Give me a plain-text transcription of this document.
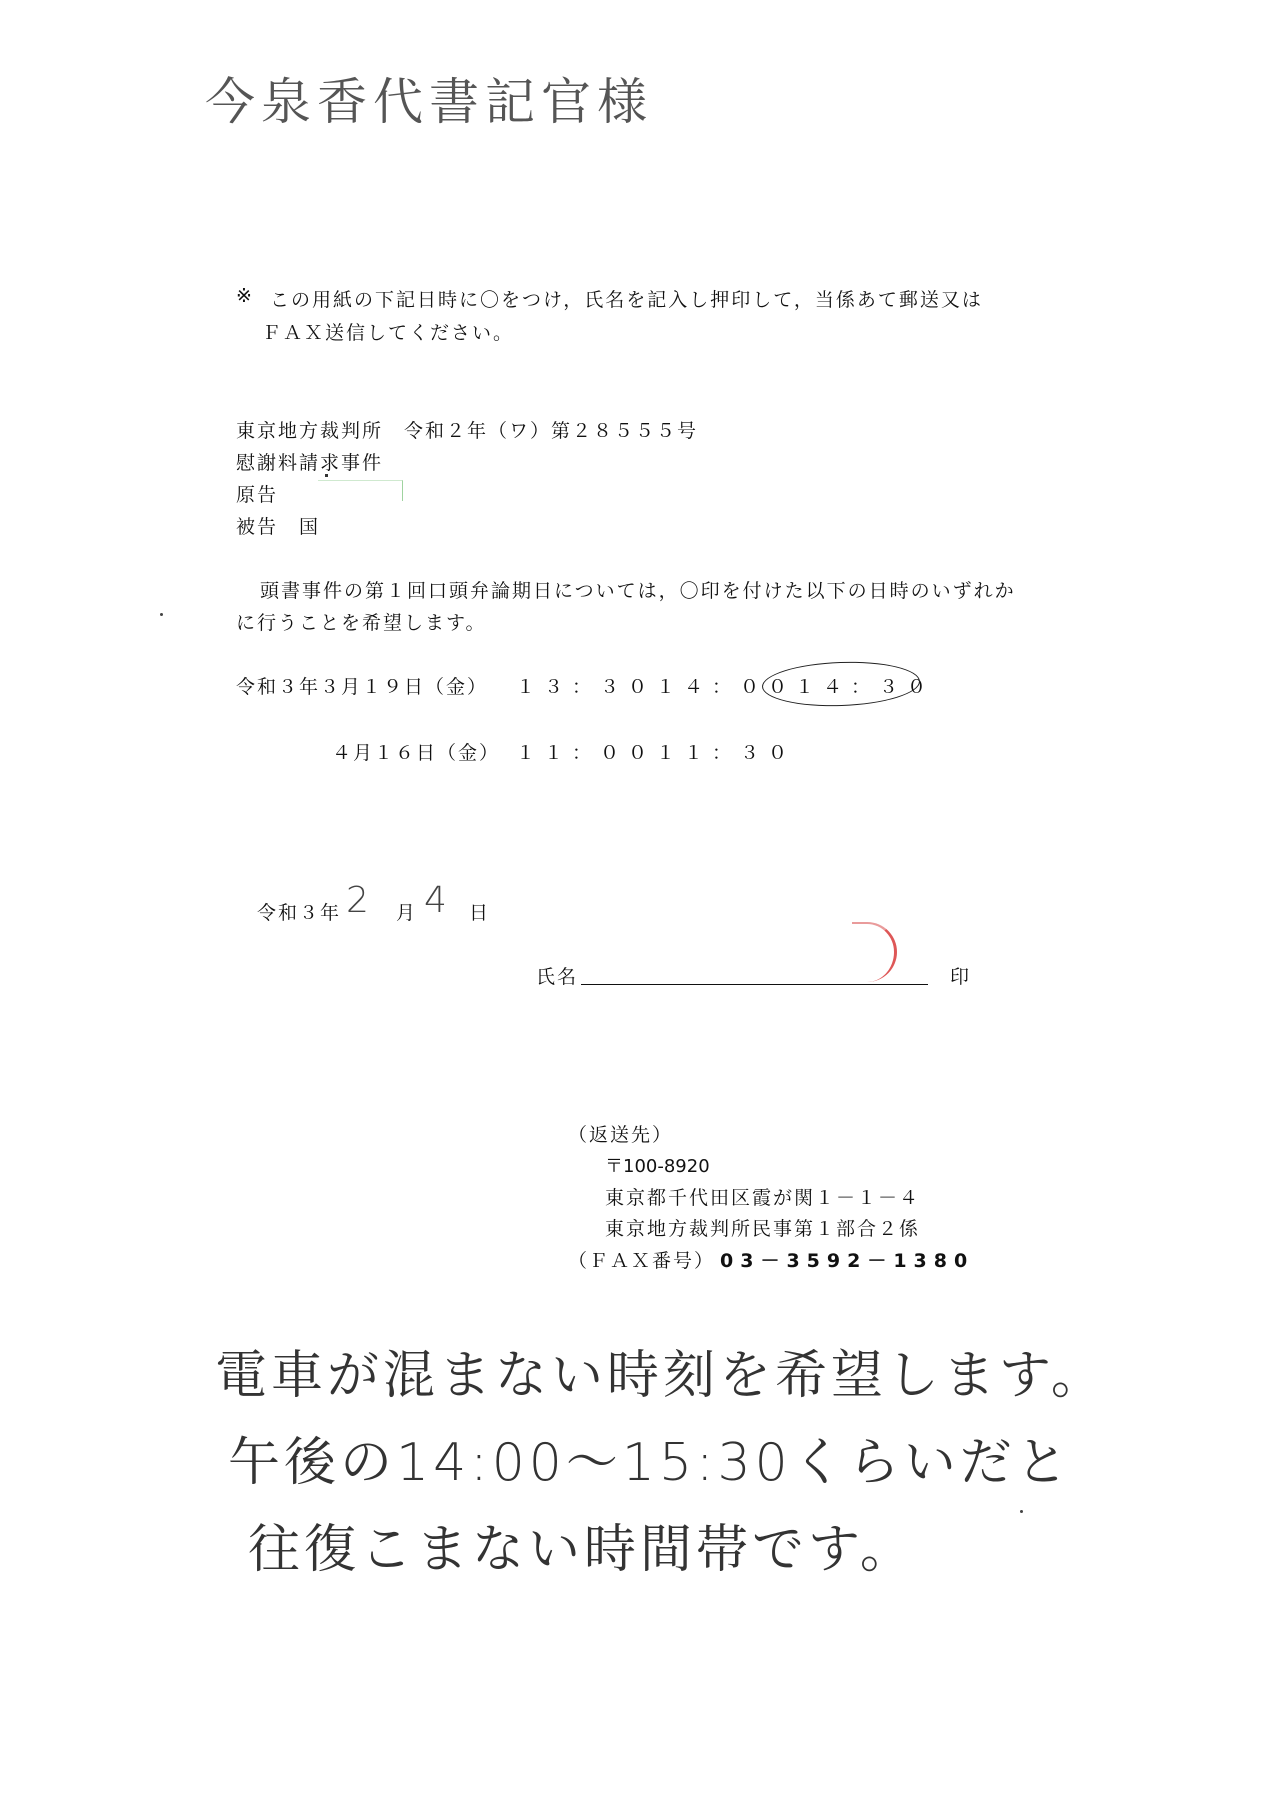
今泉香代書記官様
※ この用紙の下記日時に〇をつけ，氏名を記入し押印して，当係あて郵送又は
ＦＡＸ送信してください。
東京地方裁判所　令和２年（ワ）第２８５５５号
慰謝料請求事件
原告
被告　国
頭書事件の第１回口頭弁論期日については，〇印を付けた以下の日時のいずれか
に行うことを希望します。
令和３年３月１９日（金） １３：３０ １４：００
１４：３０
４月１６日（金） １１：００ １１：３０
令和３年 2 月 4 日
氏名	印
（返送先）
〒100-8920
東京都千代田区霞が関１－１－４
東京地方裁判所民事第１部合２係
（ＦＡＸ番号） 03－3592－1380
電車が混まない時刻を希望します。
午後の14:00～15:30くらいだと
往復こまない時間帯です。
